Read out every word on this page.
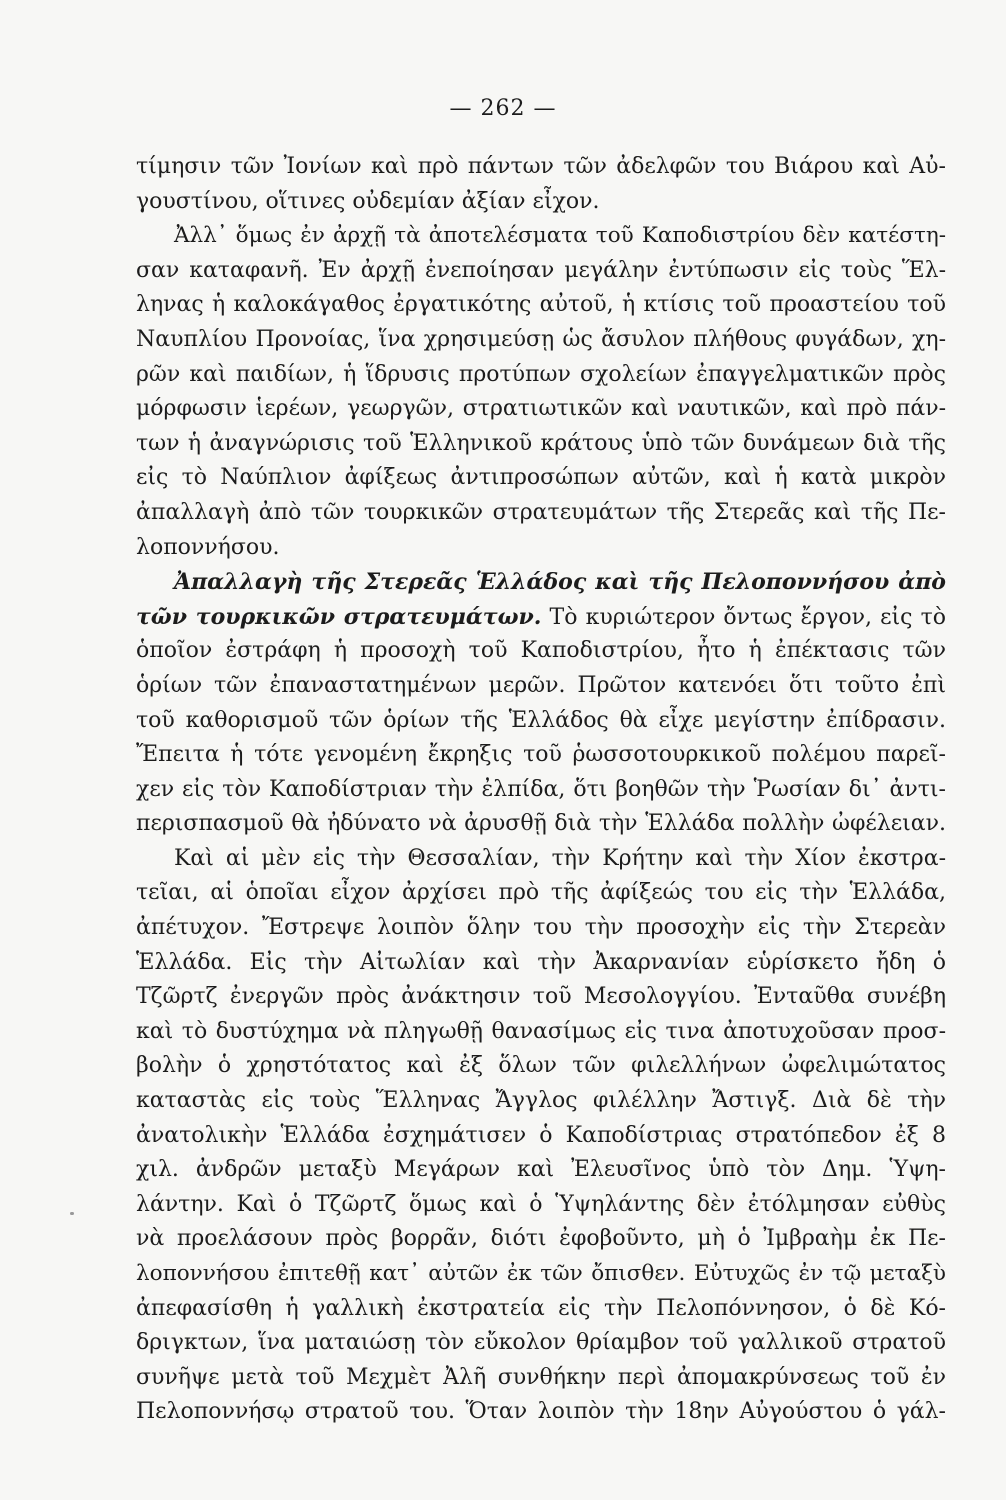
— 262 —
τίμησιν τῶν Ἰονίων καὶ πρὸ πάντων τῶν ἀδελφῶν του Βιάρου καὶ Αὐ-
γουστίνου, οἵτινες οὐδεμίαν ἀξίαν εἶχον.
Ἀλλ᾿ ὅμως ἐν ἀρχῇ τὰ ἀποτελέσματα τοῦ Καποδιστρίου δὲν κατέστη-
σαν καταφανῆ. Ἐν ἀρχῇ ἐνεποίησαν μεγάλην ἐντύπωσιν εἰς τοὺς Ἕλ-
ληνας ἡ καλοκάγαθος ἐργατικότης αὐτοῦ, ἡ κτίσις τοῦ προαστείου τοῦ
Ναυπλίου Προνοίας, ἵνα χρησιμεύσῃ ὡς ἄσυλον πλήθους φυγάδων, χη-
ρῶν καὶ παιδίων, ἡ ἵδρυσις προτύπων σχολείων ἐπαγγελματικῶν πρὸς
μόρφωσιν ἱερέων, γεωργῶν, στρατιωτικῶν καὶ ναυτικῶν, καὶ πρὸ πάν-
των ἡ ἀναγνώρισις τοῦ Ἑλληνικοῦ κράτους ὑπὸ τῶν δυνάμεων διὰ τῆς
εἰς τὸ Ναύπλιον ἀφίξεως ἀντιπροσώπων αὐτῶν, καὶ ἡ κατὰ μικρὸν
ἀπαλλαγὴ ἀπὸ τῶν τουρκικῶν στρατευμάτων τῆς Στερεᾶς καὶ τῆς Πε-
λοποννήσου.
Ἀπαλλαγὴ τῆς Στερεᾶς Ἑλλάδος καὶ τῆς Πελοποννήσου ἀπὸ
τῶν τουρκικῶν στρατευμάτων. Τὸ κυριώτερον ὄντως ἔργον, εἰς τὸ
ὁποῖον ἐστράφη ἡ προσοχὴ τοῦ Καποδιστρίου, ἦτο ἡ ἐπέκτασις τῶν
ὁρίων τῶν ἐπαναστατημένων μερῶν. Πρῶτον κατενόει ὅτι τοῦτο ἐπὶ
τοῦ καθορισμοῦ τῶν ὁρίων τῆς Ἑλλάδος θὰ εἶχε μεγίστην ἐπίδρασιν.
Ἔπειτα ἡ τότε γενομένη ἔκρηξις τοῦ ῥωσσοτουρκικοῦ πολέμου παρεῖ-
χεν εἰς τὸν Καποδίστριαν τὴν ἐλπίδα, ὅτι βοηθῶν τὴν Ῥωσίαν δι᾿ ἀντι-
περισπασμοῦ θὰ ἠδύνατο νὰ ἀρυσθῇ διὰ τὴν Ἑλλάδα πολλὴν ὠφέλειαν.
Καὶ αἱ μὲν εἰς τὴν Θεσσαλίαν, τὴν Κρήτην καὶ τὴν Χίον ἐκστρα-
τεῖαι, αἱ ὁποῖαι εἶχον ἀρχίσει πρὸ τῆς ἀφίξεώς του εἰς τὴν Ἑλλάδα,
ἀπέτυχον. Ἔστρεψε λοιπὸν ὅλην του τὴν προσοχὴν εἰς τὴν Στερεὰν
Ἑλλάδα. Εἰς τὴν Αἰτωλίαν καὶ τὴν Ἀκαρνανίαν εὑρίσκετο ἤδη ὁ
Τζῶρτζ ἐνεργῶν πρὸς ἀνάκτησιν τοῦ Μεσολογγίου. Ἐνταῦθα συνέβη
καὶ τὸ δυστύχημα νὰ πληγωθῇ θανασίμως εἰς τινα ἀποτυχοῦσαν προσ-
βολὴν ὁ χρηστότατος καὶ ἐξ ὅλων τῶν φιλελλήνων ὠφελιμώτατος
καταστὰς εἰς τοὺς Ἕλληνας Ἄγγλος φιλέλλην Ἄστιγξ. Διὰ δὲ τὴν
ἀνατολικὴν Ἑλλάδα ἐσχημάτισεν ὁ Καποδίστριας στρατόπεδον ἐξ 8
χιλ. ἀνδρῶν μεταξὺ Μεγάρων καὶ Ἐλευσῖνος ὑπὸ τὸν Δημ. Ὑψη-
λάντην. Καὶ ὁ Τζῶρτζ ὅμως καὶ ὁ Ὑψηλάντης δὲν ἐτόλμησαν εὐθὺς
νὰ προελάσουν πρὸς βορρᾶν, διότι ἐφοβοῦντο, μὴ ὁ Ἰμβραὴμ ἐκ Πε-
λοποννήσου ἐπιτεθῇ κατ᾿ αὐτῶν ἐκ τῶν ὄπισθεν. Εὐτυχῶς ἐν τῷ μεταξὺ
ἀπεφασίσθη ἡ γαλλικὴ ἐκστρατεία εἰς τὴν Πελοπόννησον, ὁ δὲ Κό-
δριγκτων, ἵνα ματαιώσῃ τὸν εὔκολον θρίαμβον τοῦ γαλλικοῦ στρατοῦ
συνῆψε μετὰ τοῦ Μεχμὲτ Ἀλῆ συνθήκην περὶ ἀπομακρύνσεως τοῦ ἐν
Πελοποννήσῳ στρατοῦ του. Ὅταν λοιπὸν τὴν 18ην Αὐγούστου ὁ γάλ-
